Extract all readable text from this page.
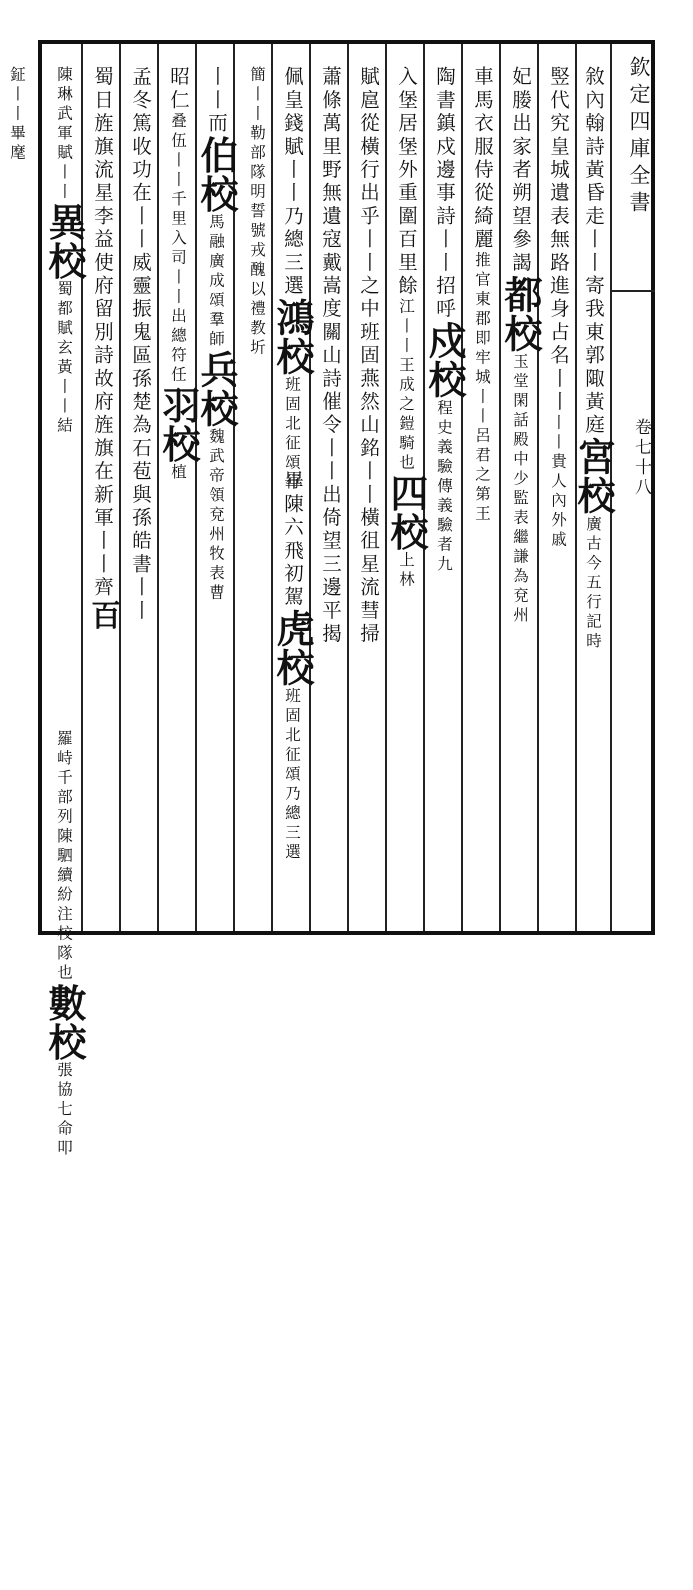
欽定四庫全書
卷七十八
敘內翰詩黃昏走丨丨寄我東郭陬黃庭宮校廣古今五行記時
竪代究皇城遺表無路進身占名丨丨丨丨貴人內外戚
妃媵出家者朔望參謁都校玉堂閑話殿中少監表繼謙為兗州
車馬衣服侍從綺麗推官東郡即牢城丨丨呂君之第王
陶書鎮戍邊事詩丨丨招呼戍校程史義驗傳義驗者九
入堡居堡外重圍百里餘江丨丨王成之鎧騎也四校上林
賦扈從橫行出乎丨丨之中班固燕然山銘丨丨橫徂星流彗掃
蕭條萬里野無遺寇戴嵩度關山詩催令丨丨出倚望三邊平揭
佩皇錢賦丨丨乃總三選鴻校班固北征頌行
畢陳六飛初駕虎校班固北征頌乃總三選
簡丨丨勒部隊明誓號戎醜以禮教圻
丨丨而伯校馬融廣成頌羣師兵校魏武帝領兗州牧表曹
昭仁叠伍丨丨千里入司丨丨出總符任羽校植
孟冬篤收功在丨丨威靈振鬼區孫楚為石苞與孫皓書丨丨
蜀日旌旗流星李益使府留別詩故府旌旗在新軍丨丨齊百
陳琳武軍賦丨丨異校蜀都賦玄黃丨丨結
羅峙千部列陳駟續紛注校隊也數校張協七命叩
鉦丨丨畢麾
